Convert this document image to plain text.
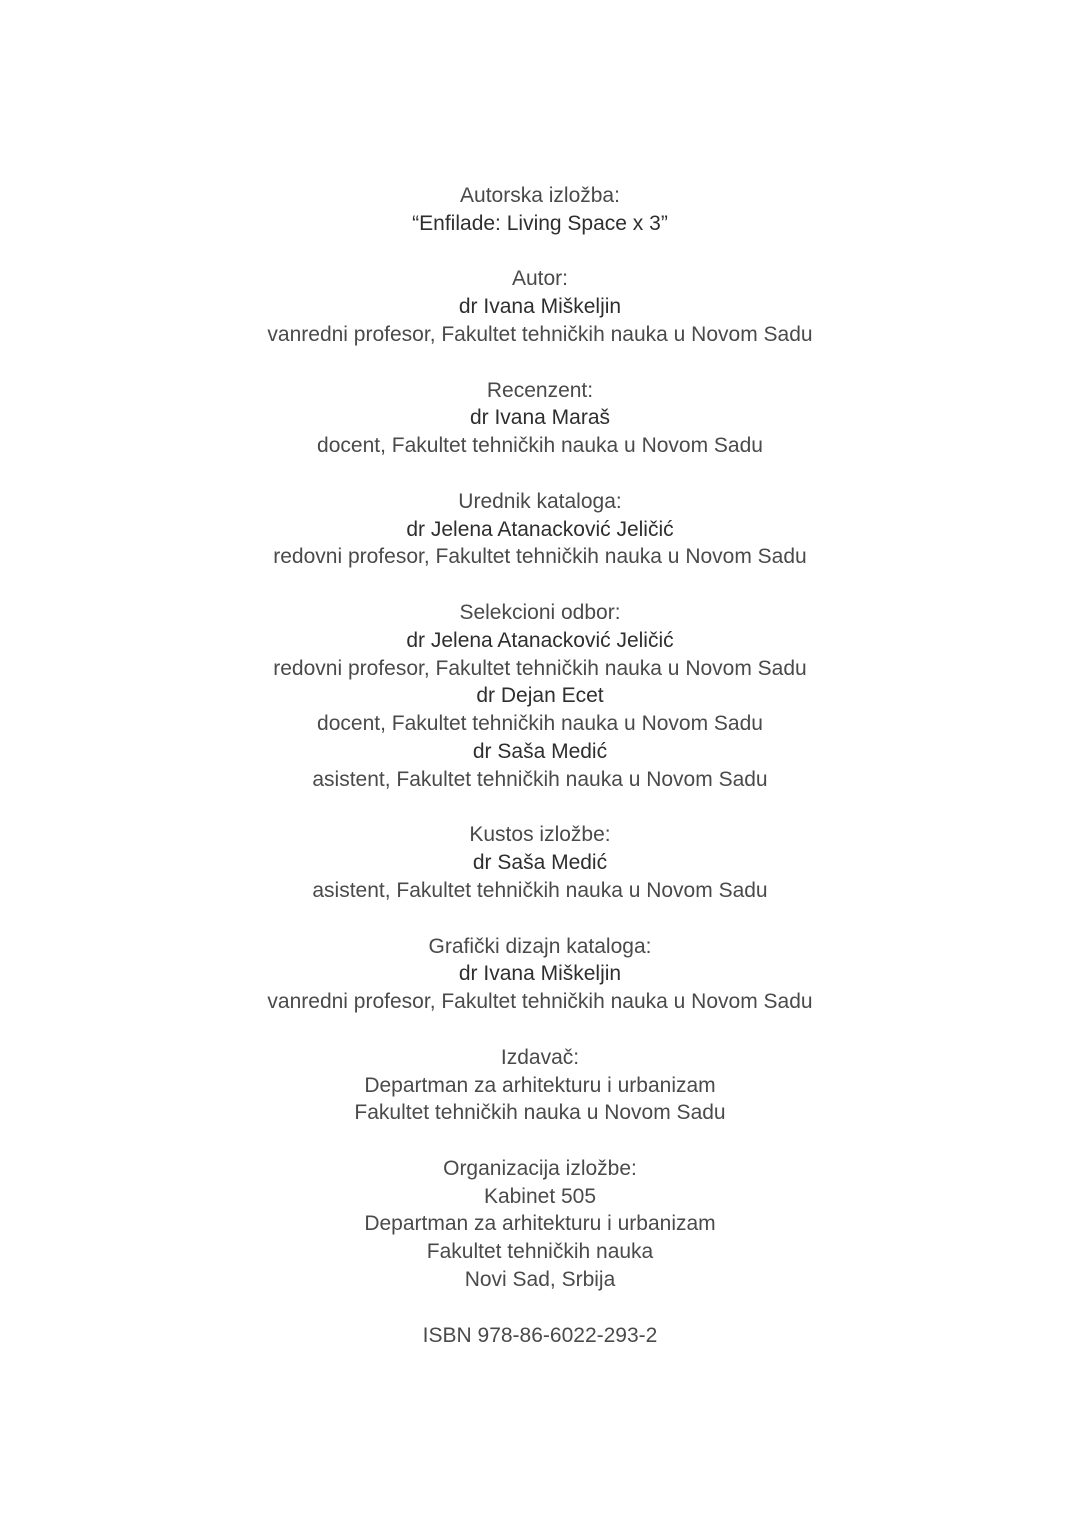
Autorska izložba:
“Enfilade: Living Space x 3”
Autor:
dr Ivana Miškeljin
vanredni profesor, Fakultet tehničkih nauka u Novom Sadu
Recenzent:
dr Ivana Maraš
docent, Fakultet tehničkih nauka u Novom Sadu
Urednik kataloga:
dr Jelena Atanacković Jeličić
redovni profesor, Fakultet tehničkih nauka u Novom Sadu
Selekcioni odbor:
dr Jelena Atanacković Jeličić
redovni profesor, Fakultet tehničkih nauka u Novom Sadu
dr Dejan Ecet
docent, Fakultet tehničkih nauka u Novom Sadu
dr Saša Medić
asistent, Fakultet tehničkih nauka u Novom Sadu
Kustos izložbe:
dr Saša Medić
asistent, Fakultet tehničkih nauka u Novom Sadu
Grafički dizajn kataloga:
dr Ivana Miškeljin
vanredni profesor, Fakultet tehničkih nauka u Novom Sadu
Izdavač:
Departman za arhitekturu i urbanizam
Fakultet tehničkih nauka u Novom Sadu
Organizacija izložbe:
Kabinet 505
Departman za arhitekturu i urbanizam
Fakultet tehničkih nauka
Novi Sad, Srbija
ISBN 978-86-6022-293-2
